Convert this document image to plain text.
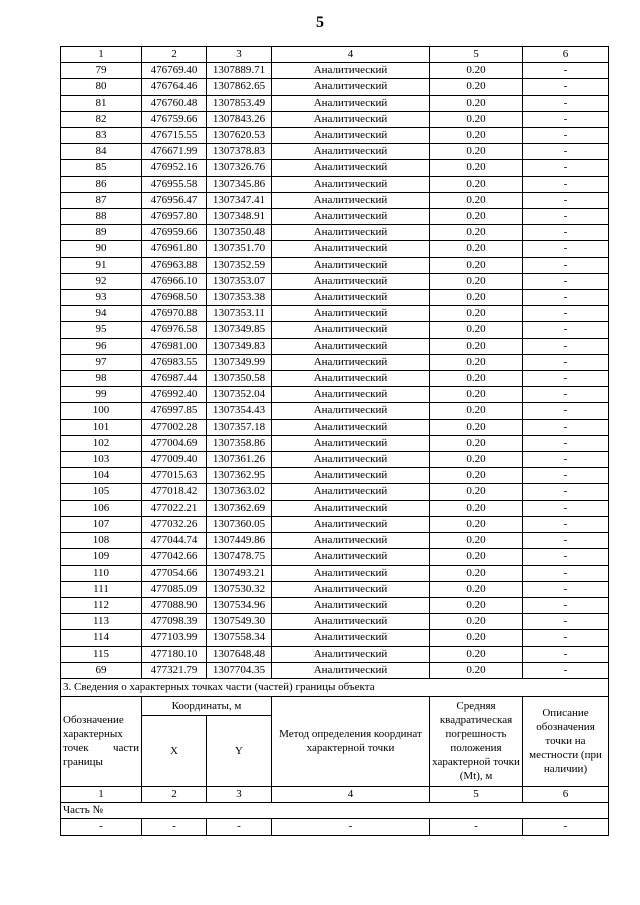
5
1	2	3	4	5	6
79	476769.40	1307889.71	Аналитический	0.20	-
80	476764.46	1307862.65	Аналитический	0.20	-
81	476760.48	1307853.49	Аналитический	0.20	-
82	476759.66	1307843.26	Аналитический	0.20	-
83	476715.55	1307620.53	Аналитический	0.20	-
84	476671.99	1307378.83	Аналитический	0.20	-
85	476952.16	1307326.76	Аналитический	0.20	-
86	476955.58	1307345.86	Аналитический	0.20	-
87	476956.47	1307347.41	Аналитический	0.20	-
88	476957.80	1307348.91	Аналитический	0.20	-
89	476959.66	1307350.48	Аналитический	0.20	-
90	476961.80	1307351.70	Аналитический	0.20	-
91	476963.88	1307352.59	Аналитический	0.20	-
92	476966.10	1307353.07	Аналитический	0.20	-
93	476968.50	1307353.38	Аналитический	0.20	-
94	476970.88	1307353.11	Аналитический	0.20	-
95	476976.58	1307349.85	Аналитический	0.20	-
96	476981.00	1307349.83	Аналитический	0.20	-
97	476983.55	1307349.99	Аналитический	0.20	-
98	476987.44	1307350.58	Аналитический	0.20	-
99	476992.40	1307352.04	Аналитический	0.20	-
100	476997.85	1307354.43	Аналитический	0.20	-
101	477002.28	1307357.18	Аналитический	0.20	-
102	477004.69	1307358.86	Аналитический	0.20	-
103	477009.40	1307361.26	Аналитический	0.20	-
104	477015.63	1307362.95	Аналитический	0.20	-
105	477018.42	1307363.02	Аналитический	0.20	-
106	477022.21	1307362.69	Аналитический	0.20	-
107	477032.26	1307360.05	Аналитический	0.20	-
108	477044.74	1307449.86	Аналитический	0.20	-
109	477042.66	1307478.75	Аналитический	0.20	-
110	477054.66	1307493.21	Аналитический	0.20	-
111	477085.09	1307530.32	Аналитический	0.20	-
112	477088.90	1307534.96	Аналитический	0.20	-
113	477098.39	1307549.30	Аналитический	0.20	-
114	477103.99	1307558.34	Аналитический	0.20	-
115	477180.10	1307648.48	Аналитический	0.20	-
69	477321.79	1307704.35	Аналитический	0.20	-
3. Сведения о характерных точках части (частей) границы объекта					

Обозначение
характерных
точек части
границы	Координаты, м		Метод определения координат характерной точки	Средняя квадратическая погрешность положения характерной точки (Mt), м	Описание обозначения точки на местности (при наличии)
	X	Y			
1	2	3	4	5	6
Часть №					
-	-	-	-	-	-
